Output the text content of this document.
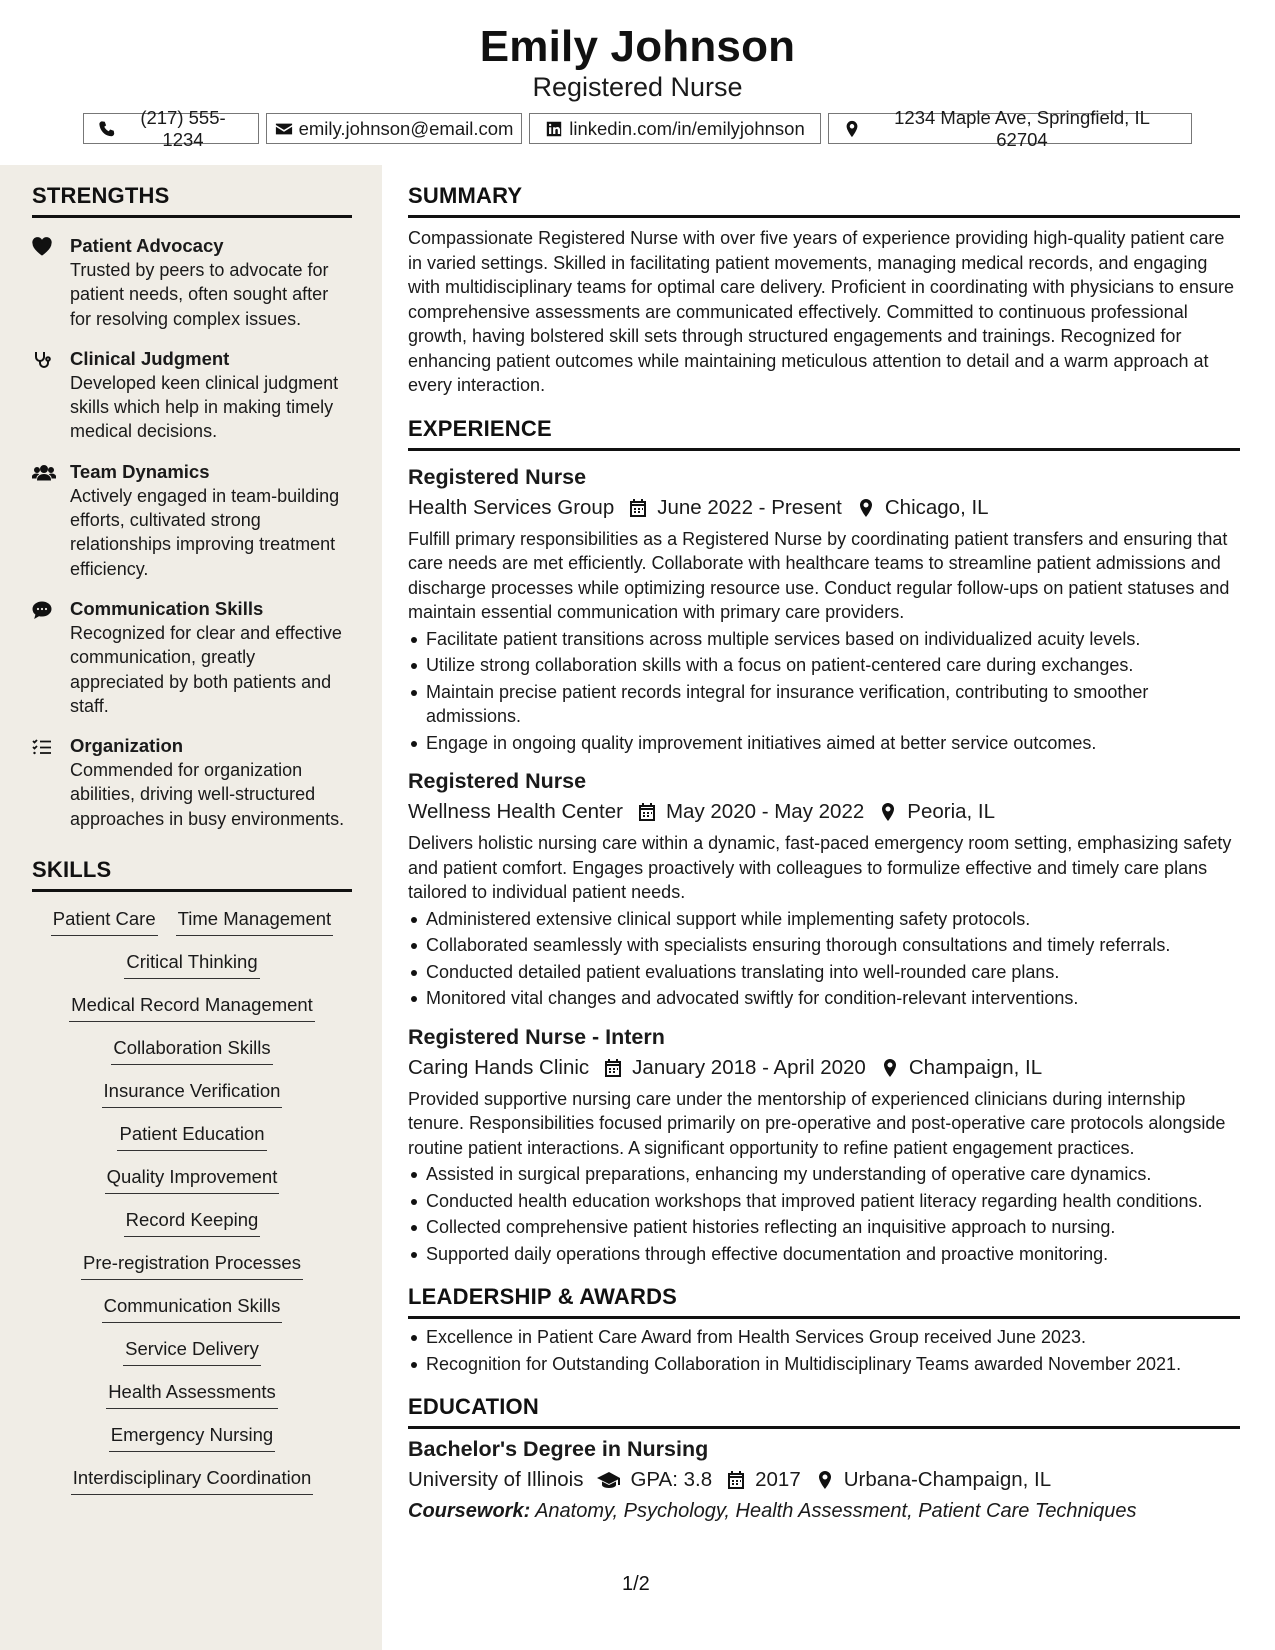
Emily Johnson
Registered Nurse
(217) 555-1234
emily.johnson@email.com	linkedin.com/in/emilyjohnson
1234 Maple Ave, Springfield, IL 62704
STRENGTHS
Patient Advocacy
Trusted by peers to advocate for patient needs, often sought after for resolving complex issues.
Clinical Judgment
Developed keen clinical judgment skills which help in making timely medical decisions.
Team Dynamics
Actively engaged in team-building efforts, cultivated strong relationships improving treatment efficiency.
Communication Skills
Recognized for clear and effective communication, greatly appreciated by both patients and staff.
Organization
Commended for organization abilities, driving well-structured approaches in busy environments.
SKILLS
Patient Care Time Management
Critical Thinking
Medical Record Management
Collaboration Skills
Insurance Verification
Patient Education
Quality Improvement
Record Keeping
Pre-registration Processes
Communication Skills
Service Delivery
Health Assessments
Emergency Nursing
Interdisciplinary Coordination
SUMMARY
Compassionate Registered Nurse with over five years of experience providing high-quality patient care in varied settings. Skilled in facilitating patient movements, managing medical records, and engaging with multidisciplinary teams for optimal care delivery. Proficient in coordinating with physicians to ensure comprehensive assessments are communicated effectively. Committed to continuous professional growth, having bolstered skill sets through structured engagements and trainings. Recognized for enhancing patient outcomes while maintaining meticulous attention to detail and a warm approach at every interaction.
EXPERIENCE
Registered Nurse
Health Services Group June 2022 - Present Chicago, IL
Fulfill primary responsibilities as a Registered Nurse by coordinating patient transfers and ensuring that care needs are met efficiently. Collaborate with healthcare teams to streamline patient admissions and discharge processes while optimizing resource use. Conduct regular follow-ups on patient statuses and maintain essential communication with primary care providers.
Facilitate patient transitions across multiple services based on individualized acuity levels.
Utilize strong collaboration skills with a focus on patient-centered care during exchanges.
Maintain precise patient records integral for insurance verification, contributing to smoother admissions.
Engage in ongoing quality improvement initiatives aimed at better service outcomes.
Registered Nurse
Wellness Health Center May 2020 - May 2022 Peoria, IL
Delivers holistic nursing care within a dynamic, fast-paced emergency room setting, emphasizing safety and patient comfort. Engages proactively with colleagues to formulize effective and timely care plans tailored to individual patient needs.
Administered extensive clinical support while implementing safety protocols.
Collaborated seamlessly with specialists ensuring thorough consultations and timely referrals.
Conducted detailed patient evaluations translating into well-rounded care plans.
Monitored vital changes and advocated swiftly for condition-relevant interventions.
Registered Nurse - Intern
Caring Hands Clinic January 2018 - April 2020 Champaign, IL
Provided supportive nursing care under the mentorship of experienced clinicians during internship tenure. Responsibilities focused primarily on pre-operative and post-operative care protocols alongside routine patient interactions. A significant opportunity to refine patient engagement practices.
Assisted in surgical preparations, enhancing my understanding of operative care dynamics.
Conducted health education workshops that improved patient literacy regarding health conditions.
Collected comprehensive patient histories reflecting an inquisitive approach to nursing.
Supported daily operations through effective documentation and proactive monitoring.
LEADERSHIP & AWARDS
Excellence in Patient Care Award from Health Services Group received June 2023.
Recognition for Outstanding Collaboration in Multidisciplinary Teams awarded November 2021.
EDUCATION
Bachelor's Degree in Nursing
University of Illinois GPA: 3.8 2017 Urbana-Champaign, IL
Coursework: Anatomy, Psychology, Health Assessment, Patient Care Techniques
1/2
